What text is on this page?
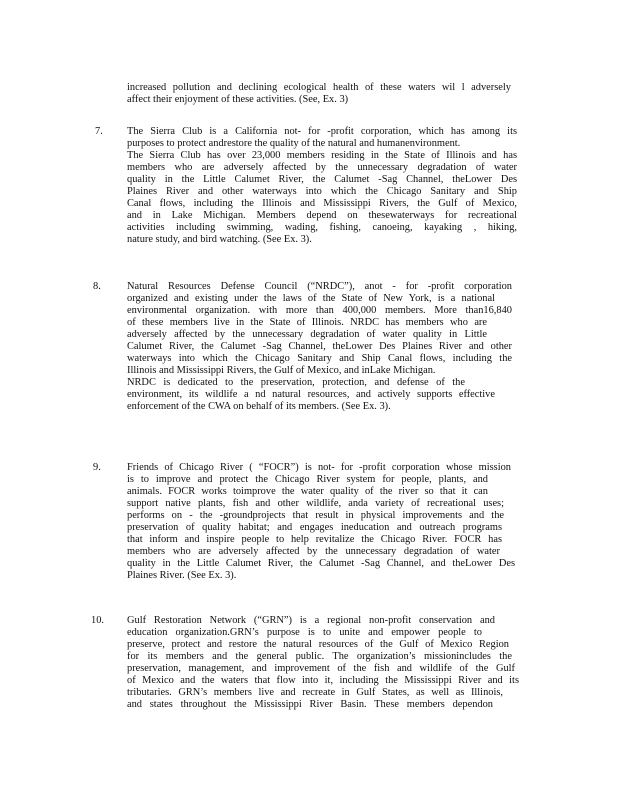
increased pollution and declining ecological health of these waters wil l adversely
affect their enjoyment of these activities. (See, Ex. 3)
7. The Sierra Club is a California not- for -profit corporation, which has among its
purposes to protect andrestore the quality of the natural and humanenvironment.
The Sierra Club has over 23,000 members residing in the State of Illinois and has
members who are adversely affected by the unnecessary degradation of water
quality in the Little Calumet River, the Calumet -Sag Channel, theLower Des
Plaines River and other waterways into which the Chicago Sanitary and Ship
Canal flows, including the Illinois and Mississippi Rivers, the Gulf of Mexico,
and in Lake Michigan. Members depend on thesewaterways for recreational
activities including swimming, wading, fishing, canoeing, kayaking , hiking,
nature study, and bird watching. (See Ex. 3).
8.	Natural Resources Defense Council (“NRDC”), anot - for -profit corporation
organized and existing under the laws of the State of New York, is a national
environmental organization. with more than 400,000 members. More than16,840
of these members live in the State of Illinois. NRDC has members who are
adversely affected by the unnecessary degradation of water quality in Little
Calumet River, the Calumet -Sag Channel, theLower Des Plaines River and other
waterways into which the Chicago Sanitary and Ship Canal flows, including the
Illinois and Mississippi Rivers, the Gulf of Mexico, and inLake Michigan.
NRDC is dedicated to the preservation, protection, and defense of the
environment, its wildlife a nd natural resources, and actively supports effective
enforcement of the CWA on behalf of its members. (See Ex. 3).
9.	Friends of Chicago River ( “FOCR”) is not- for -profit corporation whose mission
is to improve and protect the Chicago River system for people, plants, and
animals. FOCR works toimprove the water quality of the river so that it can
support native plants, fish and other wildlife, anda variety of recreational uses;
performs on - the -groundprojects that result in physical improvements and the
preservation of quality habitat; and engages ineducation and outreach programs
that inform and inspire people to help revitalize the Chicago River. FOCR has
members who are adversely affected by the unnecessary degradation of water
quality in the Little Calumet River, the Calumet -Sag Channel, and theLower Des
Plaines River. (See Ex. 3).
10. Gulf Restoration Network (“GRN”) is a regional non-profit conservation and
education organization.GRN’s purpose is to unite and empower people to
preserve, protect and restore the natural resources of the Gulf of Mexico Region
for its members and the general public. The organization’s missionincludes the
preservation, management, and improvement of the fish and wildlife of the Gulf
of Mexico and the waters that flow into it, including the Mississippi River and its
tributaries. GRN’s members live and recreate in Gulf States, as well as Illinois,
and states throughout the Mississippi River Basin. These members dependon
